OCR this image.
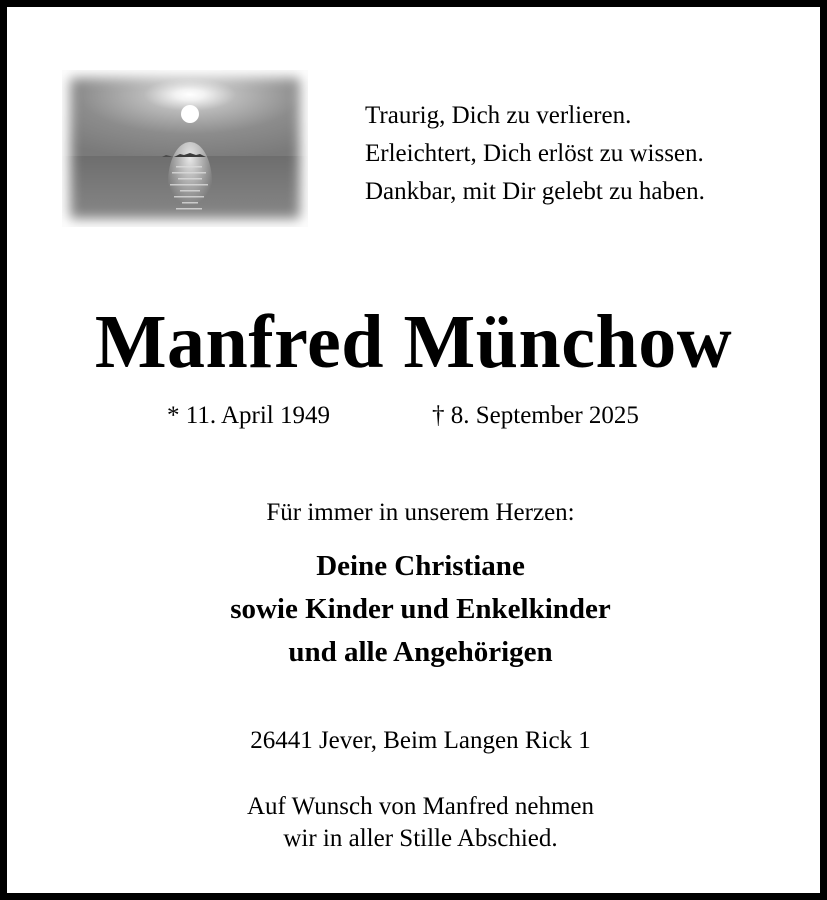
Traurig, Dich zu verlieren.
Erleichtert, Dich erlöst zu wissen.
Dankbar, mit Dir gelebt zu haben.
Manfred Münchow
* 11. April 1949	† 8. September 2025
Für immer in unserem Herzen:
Deine Christiane
sowie Kinder und Enkelkinder
und alle Angehörigen
26441 Jever, Beim Langen Rick 1
Auf Wunsch von Manfred nehmen
wir in aller Stille Abschied.
